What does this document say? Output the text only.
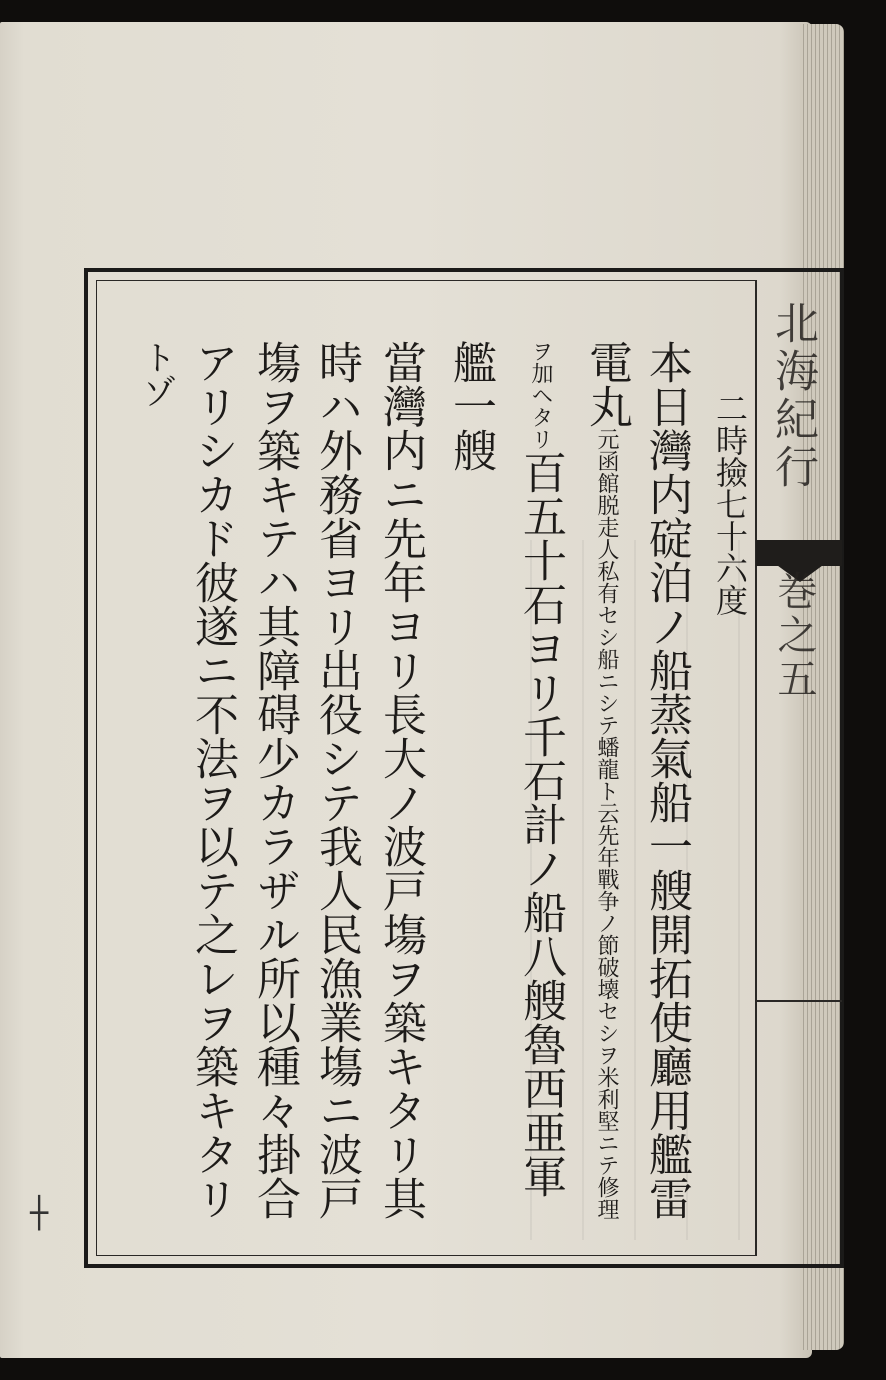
北海紀行
巻之五
二時撿七十六度
本日灣内碇泊ノ船蒸氣船一艘開拓使廳用艦雷
電丸元函館脱走人私有セシ船ニシテ蟠龍ト云先年戰争ノ節破壊セシヲ米利堅ニテ修理
ヲ加ヘタリ百五十石ヨリ千石計ノ船八艘魯西亜軍
艦一艘
當灣内ニ先年ヨリ長大ノ波戸塲ヲ築キタリ其
時ハ外務省ヨリ出役シテ我人民漁業塲ニ波戸
塲ヲ築キテハ其障碍少カラザル所以種々掛合
アリシカド彼遂ニ不法ヲ以テ之レヲ築キタリ
トゾ
┼
